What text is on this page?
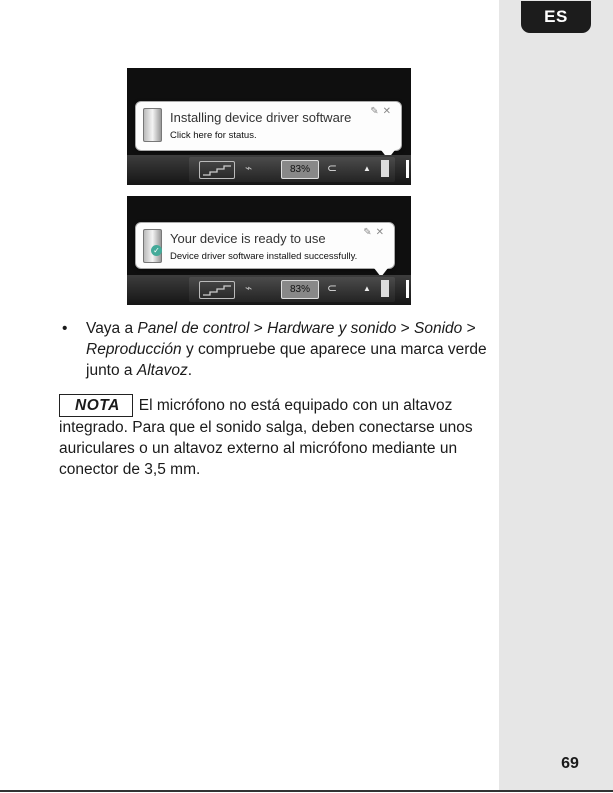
ES
69
Installing device driver software
Click here for status.
✎✕
⌁	83%	⊂	▲
✓
Your device is ready to use
Device driver software installed successfully.
✎✕
⌁	83%	⊂	▲
• Vaya a Panel de control > Hardware y sonido > Sonido > Reproducción y compruebe que aparece una marca verde junto a Altavoz.
NOTA El micrófono no está equipado con un altavoz integrado. Para que el sonido salga, deben conectarse unos auriculares o un altavoz externo al micrófono mediante un conector de 3,5 mm.
